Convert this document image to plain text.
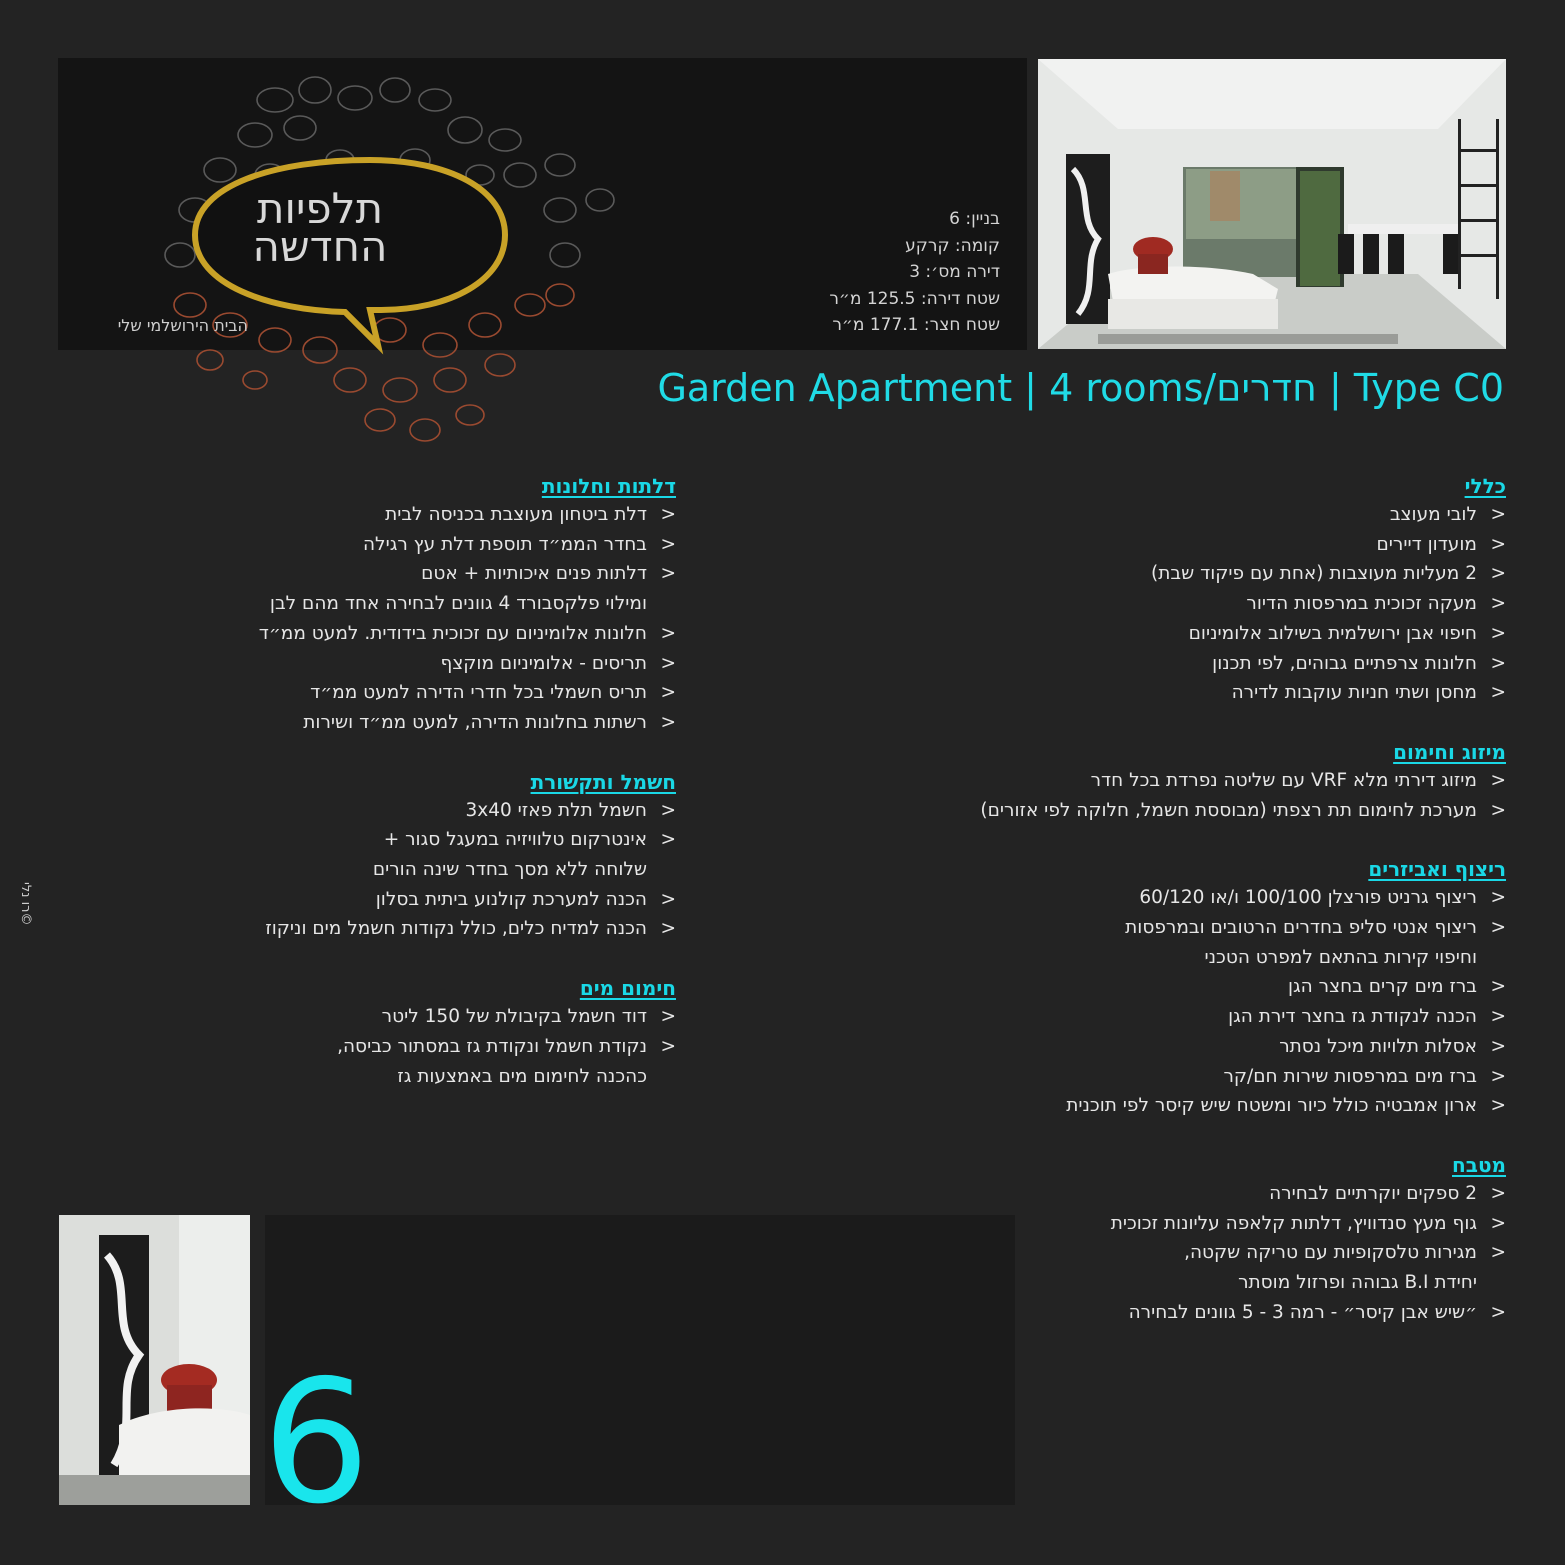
תלפיות
החדשה
הבית הירושלמי שלי
בניין: 6
קומה: קרקע
דירה מס׳: 3
שטח דירה: 125.5 מ״ר
שטח חצר: 177.1 מ״ר
Garden Apartment | 4 rooms/חדרים | Type C0
כללי
< לובי מעוצב
< מועדון דיירים
< 2 מעליות מעוצבות (אחת עם פיקוד שבת)
< מעקה זכוכית במרפסות הדיור
< חיפוי אבן ירושלמית בשילוב אלומיניום
< חלונות צרפתיים גבוהים, לפי תכנון
< מחסן ושתי חניות עוקבות לדירה
מיזוג וחימום
< מיזוג דירתי מלא VRF עם שליטה נפרדת בכל חדר
< מערכת לחימום תת רצפתי (מבוססת חשמל, חלוקה לפי אזורים)
ריצוף ואביזרים
< ריצוף גרניט פורצלן 100/100 ו/או 60/120
< ריצוף אנטי סליפ בחדרים הרטובים ובמרפסות
וחיפוי קירות בהתאם למפרט הטכני
< ברז מים קרים בחצר הגן
< הכנה לנקודת גז בחצר דירת הגן
< אסלות תלויות מיכל נסתר
< ברז מים במרפסות שירות חם/קר
< ארון אמבטיה כולל כיור ומשטח שיש קיסר לפי תוכנית
מטבח
< 2 ספקים יוקרתיים לבחירה
< גוף מעץ סנדוויץ, דלתות קלאפה עליונות זכוכית
< מגירות טלסקופיות עם טריקה שקטה,
יחידת B.I גבוהה ופרזול מוסתר
< ״שיש אבן קיסר״ - רמה 3 - 5 גוונים לבחירה
דלתות וחלונות
< דלת ביטחון מעוצבת בכניסה לבית
< בחדר הממ״ד תוספת דלת עץ רגילה
< דלתות פנים איכותיות + אטם
ומילוי פלקסבורד 4 גוונים לבחירה אחד מהם לבן
< חלונות אלומיניום עם זכוכית בידודית. למעט ממ״ד
< תריסים - אלומיניום מוקצף
< תריס חשמלי בכל חדרי הדירה למעט ממ״ד
< רשתות בחלונות הדירה, למעט ממ״ד ושירות
חשמל ותקשורת
< חשמל תלת פאזי 3x40
< אינטרקום טלוויזיה במעגל סגור +
שלוחה ללא מסך בחדר שינה הורים
< הכנה למערכת קולנוע ביתית בסלון
< הכנה למדיח כלים, כולל נקודות חשמל מים וניקוז
חימום מים
< דוד חשמל בקיבולת של 150 ליטר
< נקודת חשמל ונקודת גז במסתור כביסה,
כהכנה לחימום מים באמצעות גז
רו נלי©
6
